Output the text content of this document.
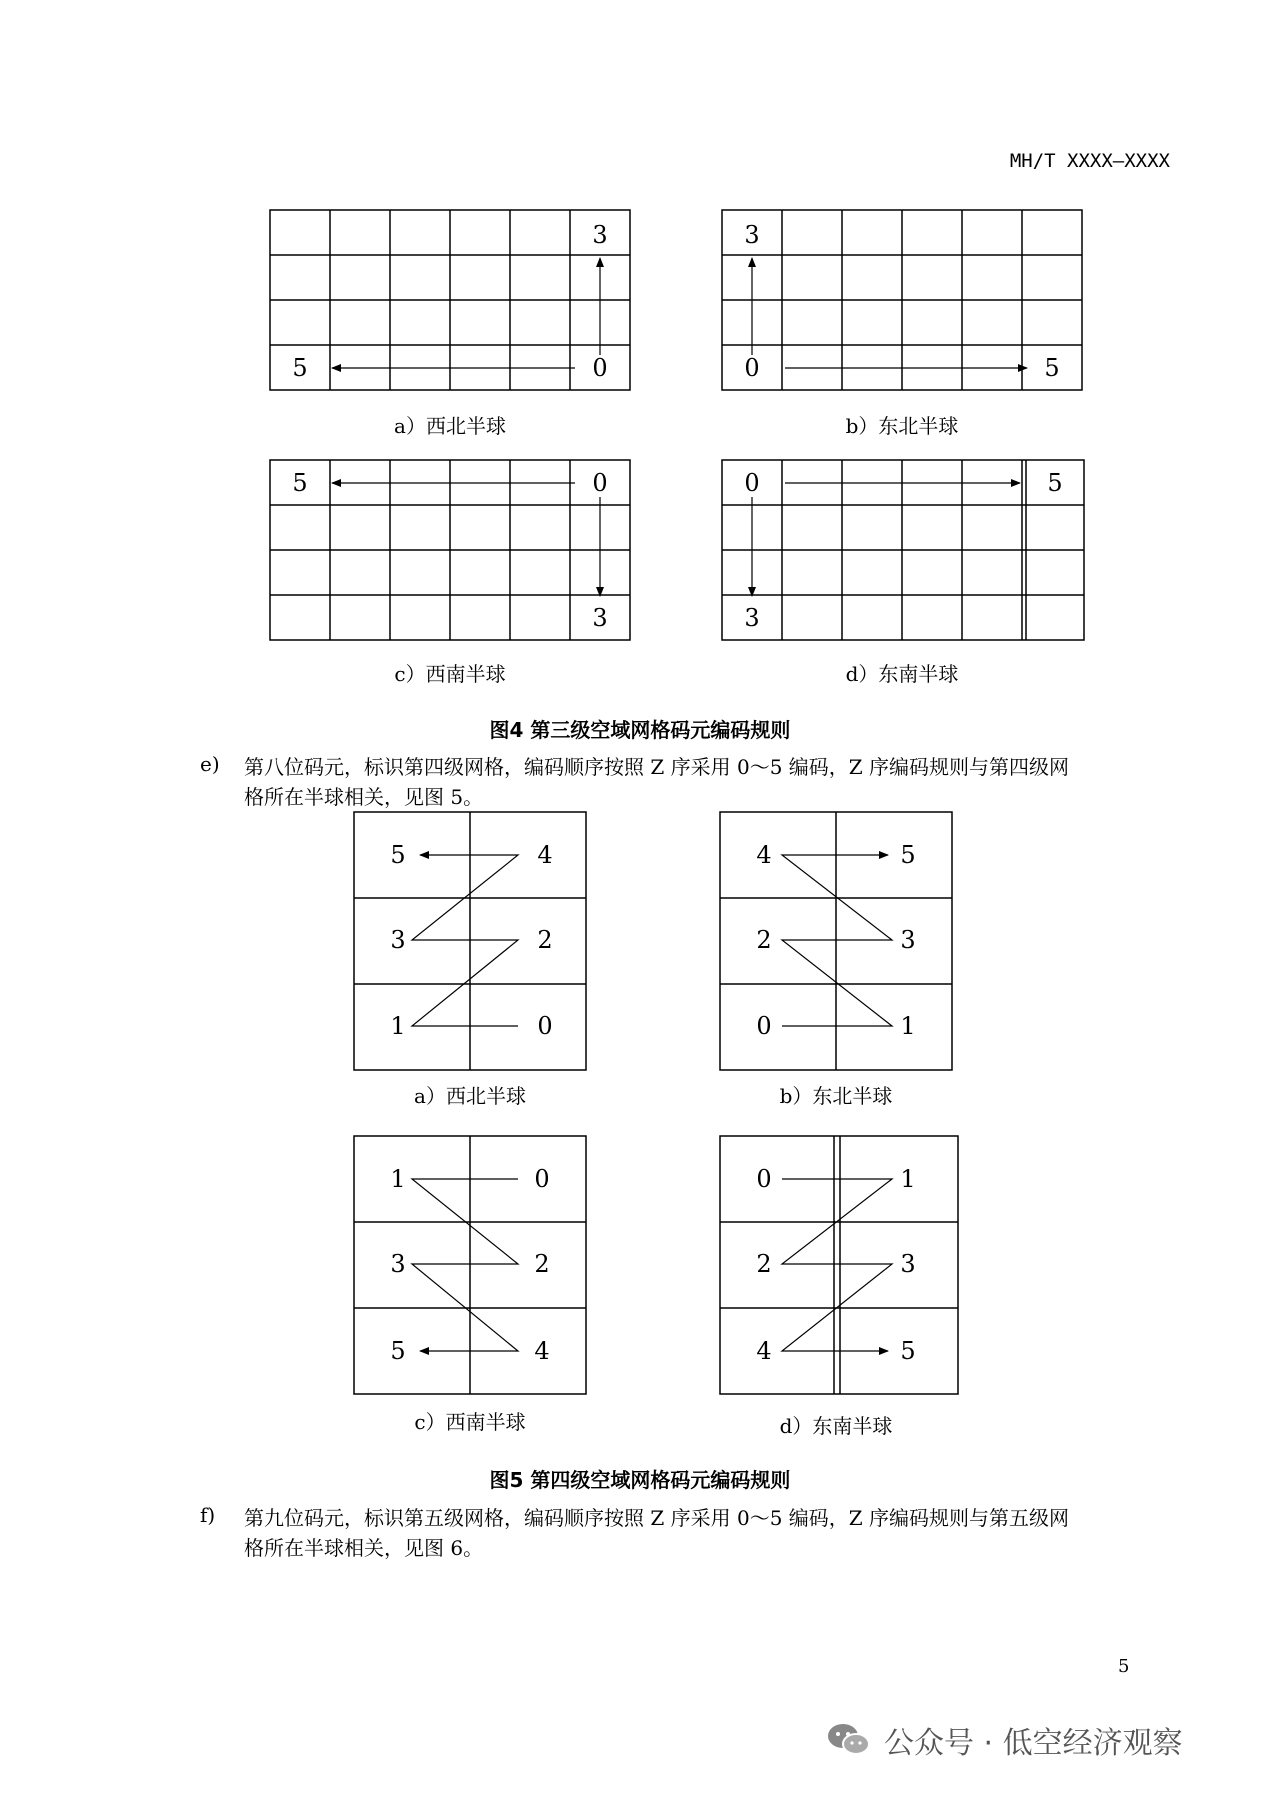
MH/T XXXX—XXXX
3
5	0
3
0	5
5	0
3
0	5
3
5	4
3	2
1	0
4	5
2	3
0	1
1	0
3	2
5	4
0	1
2	3
4	5
a）西北半球	b）东北半球
c）西南半球	d）东南半球
图4 第三级空域网格码元编码规则
e) 第八位码元，标识第四级网格，编码顺序按照 Z 序采用 0～5 编码，Z 序编码规则与第四级网
格所在半球相关，见图 5。
a）西北半球	b）东北半球
c）西南半球	d）东南半球
图5 第四级空域网格码元编码规则
f) 第九位码元，标识第五级网格，编码顺序按照 Z 序采用 0～5 编码，Z 序编码规则与第五级网
格所在半球相关，见图 6。
5
公众号 · 低空经济观察
